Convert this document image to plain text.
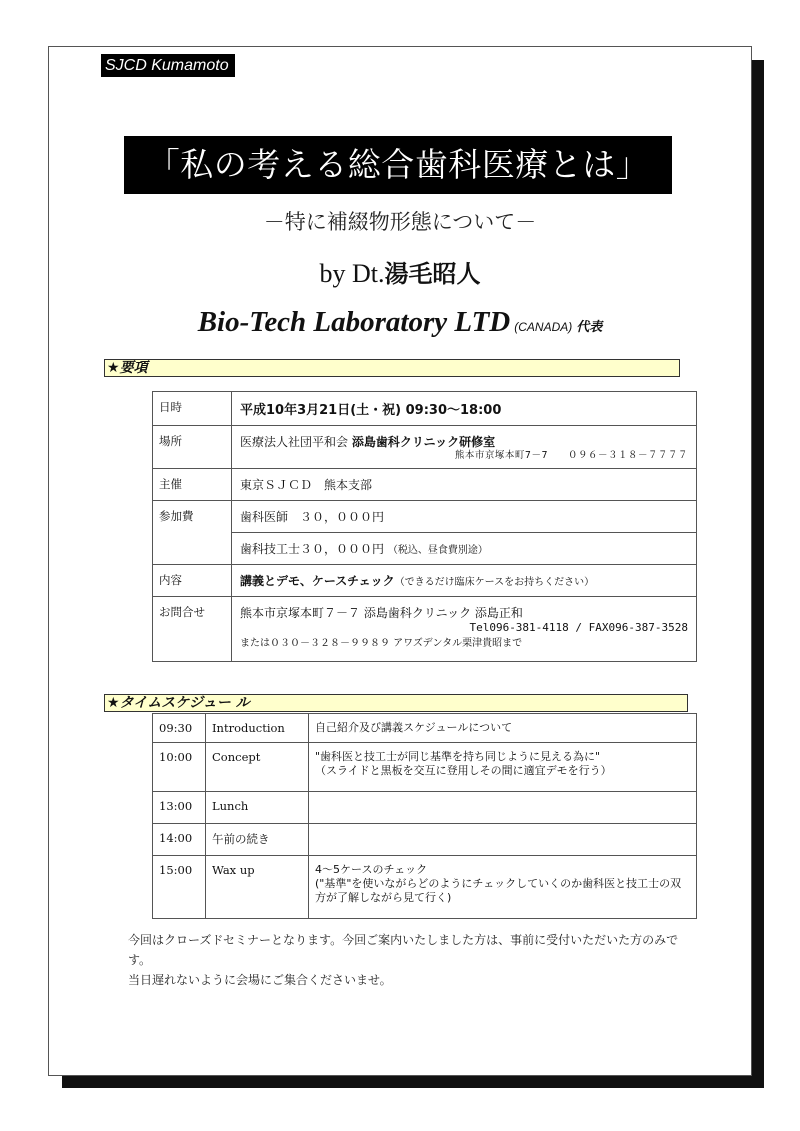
SJCD Kumamoto
「私の考える総合歯科医療とは」
－特に補綴物形態について－
by Dt.湯毛昭人
Bio-Tech Laboratory LTD (CANADA) 代表
★要項
日時	平成10年3月21日(土・祝) 09:30～18:00
場所	医療法人社団平和会 添島歯科クリニック研修室
熊本市京塚本町7－7　　０９６－３１８－７７７７

主催	東京ＳＪＣＤ　熊本支部
参加費	歯科医師　３０，０００円
	歯科技工士３０，０００円 （税込、昼食費別途）
内容	講義とデモ、ケースチェック（できるだけ臨床ケースをお持ちください）
お問合せ	熊本市京塚本町７－７ 添島歯科クリニック 添島正和
Tel096-381-4118 / FAX096-387-3528
または０３０－３２８－９９８９ アワズデンタル栗津貴昭まで
★タイムスケジュー ル
09:30	Introduction	自己紹介及び講義スケジュールについて

10:00	Concept	"歯科医と技工士が同じ基準を持ち同じように見える為に"
（スライドと黒板を交互に登用しその間に適宜デモを行う）

13:00	Lunch	
14:00	午前の続き	
15:00	Wax up	4～5ケースのチェック
("基準"を使いながらどのようにチェックしていくのか歯科医と技工士の双方が了解しながら見て行く)
今回はクローズドセミナーとなります。今回ご案内いたしました方は、事前に受付いただいた方のみです。
当日遅れないように会場にご集合くださいませ。
